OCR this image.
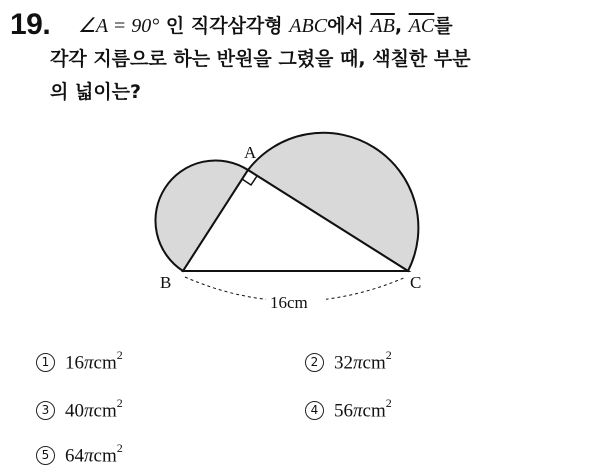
19. ∠A = 90° 인 직각삼각형 ABC에서 $\overline{AB}$, $\overline{AC}$를
각각 지름으로 하는 반원을 그렸을 때, 색칠한 부분
의 넓이는?
A
B	C
16cm
1 16πcm$^2$
2 32πcm$^2$
3 40πcm$^2$
4 56πcm$^2$
5 64πcm$^2$
